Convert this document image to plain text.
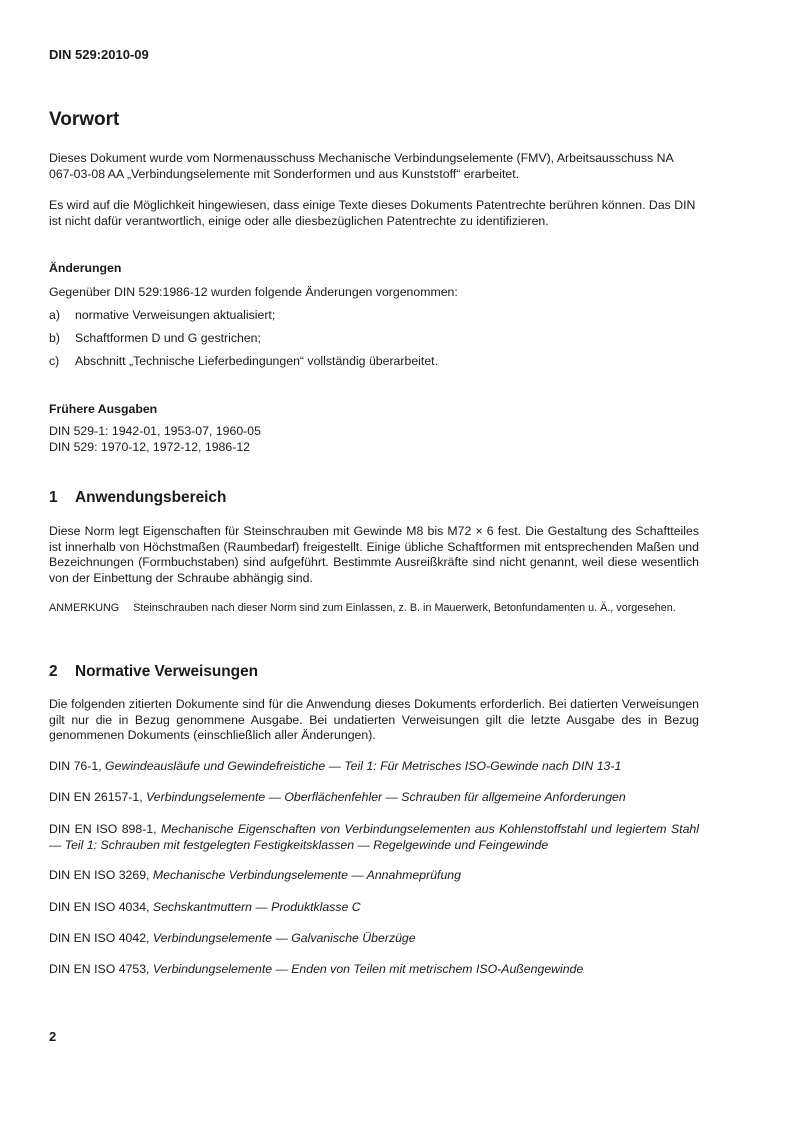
DIN 529:2010-09

Vorwort

Dieses Dokument wurde vom Normenausschuss Mechanische Verbindungselemente (FMV), Arbeitsausschuss NA 067-03-08 AA „Verbindungselemente mit Sonderformen und aus Kunststoff“ erarbeitet.

Es wird auf die Möglichkeit hingewiesen, dass einige Texte dieses Dokuments Patentrechte berühren können. Das DIN ist nicht dafür verantwortlich, einige oder alle diesbezüglichen Patentrechte zu identifizieren.

Änderungen

Gegenüber DIN 529:1986-12 wurden folgende Änderungen vorgenommen:

a) normative Verweisungen aktualisiert;

b) Schaftformen D und G gestrichen;

c) Abschnitt „Technische Lieferbedingungen“ vollständig überarbeitet.

Frühere Ausgaben

DIN 529-1: 1942-01, 1953-07, 1960-05

DIN 529: 1970-12, 1972-12, 1986-12

1 Anwendungsbereich

Diese Norm legt Eigenschaften für Steinschrauben mit Gewinde M8 bis M72 × 6 fest. Die Gestaltung des Schaftteiles ist innerhalb von Höchstmaßen (Raumbedarf) freigestellt. Einige übliche Schaftformen mit entsprechenden Maßen und Bezeichnungen (Formbuchstaben) sind aufgeführt. Bestimmte Ausreißkräfte sind nicht genannt, weil diese wesentlich von der Einbettung der Schraube abhängig sind.

ANMERKUNG Steinschrauben nach dieser Norm sind zum Einlassen, z. B. in Mauerwerk, Betonfundamenten u. Ä., vorgesehen.

2 Normative Verweisungen

Die folgenden zitierten Dokumente sind für die Anwendung dieses Dokuments erforderlich. Bei datierten Verweisungen gilt nur die in Bezug genommene Ausgabe. Bei undatierten Verweisungen gilt die letzte Ausgabe des in Bezug genommenen Dokuments (einschließlich aller Änderungen).

DIN 76-1, Gewindeausläufe und Gewindefreistiche — Teil 1: Für Metrisches ISO-Gewinde nach DIN 13-1

DIN EN 26157-1, Verbindungselemente — Oberflächenfehler — Schrauben für allgemeine Anforderungen

DIN EN ISO 898-1, Mechanische Eigenschaften von Verbindungselementen aus Kohlenstoffstahl und legiertem Stahl — Teil 1: Schrauben mit festgelegten Festigkeitsklassen — Regelgewinde und Feingewinde

DIN EN ISO 3269, Mechanische Verbindungselemente — Annahmeprüfung

DIN EN ISO 4034, Sechskantmuttern — Produktklasse C

DIN EN ISO 4042, Verbindungselemente — Galvanische Überzüge

DIN EN ISO 4753, Verbindungselemente — Enden von Teilen mit metrischem ISO-Außengewinde

2
